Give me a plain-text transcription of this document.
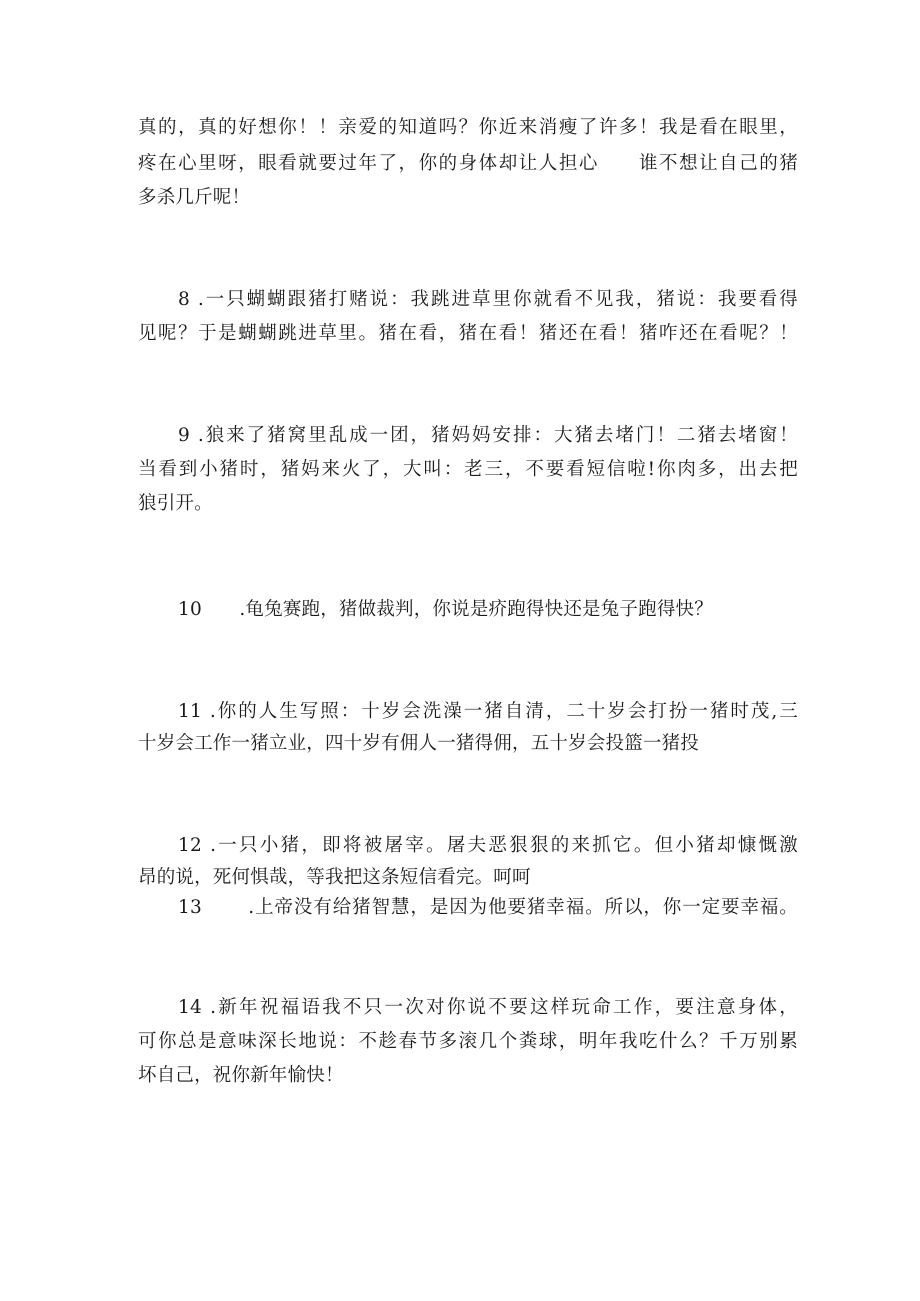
真的，真的好想你！！亲爱的知道吗？你近来消瘦了许多！我是看在眼里，
疼在心里呀，眼看就要过年了，你的身体却让人担心　　谁不想让自己的猪
多杀几斤呢！
8 .一只蝴蝴跟猪打赌说：我跳进草里你就看不见我，猪说：我要看得
见呢？于是蝴蝴跳进草里。猪在看，猪在看！猪还在看！猪咋还在看呢？！
9 .狼来了猪窝里乱成一团，猪妈妈安排：大猪去堵门！二猪去堵窗！
当看到小猪时，猪妈来火了，大叫：老三，不要看短信啦!你肉多，出去把
狼引开。
10　　.龟兔赛跑，猪做裁判，你说是疥跑得快还是兔子跑得快？
11 .你的人生写照：十岁会洗澡一猪自清，二十岁会打扮一猪时茂,三
十岁会工作一猪立业，四十岁有佣人一猪得佣，五十岁会投篮一猪投
12 .一只小猪，即将被屠宰。屠夫恶狠狠的来抓它。但小猪却慷慨激
昂的说，死何惧哉，等我把这条短信看完。呵呵
13　　 .上帝没有给猪智慧，是因为他要猪幸福。所以，你一定要幸福。
14 .新年祝福语我不只一次对你说不要这样玩命工作，要注意身体，
可你总是意味深长地说：不趁春节多滚几个粪球，明年我吃什么？千万别累
坏自己，祝你新年愉快！
